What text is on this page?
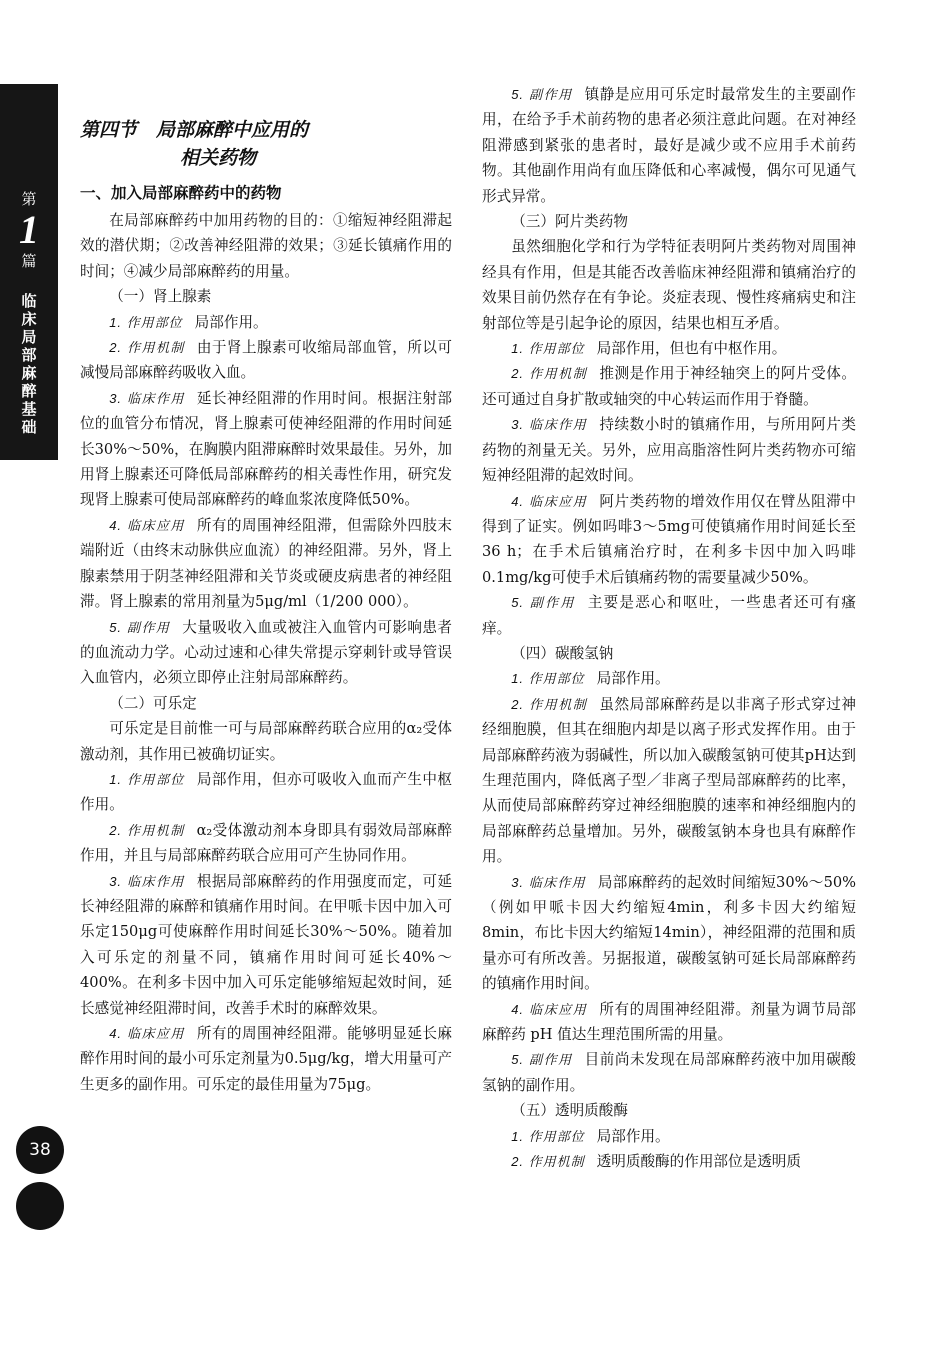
第
1
篇
临
床
局
部
麻
醉
基
础
38
第四节　局部麻醉中应用的
相关药物

一、加入局部麻醉药中的药物

在局部麻醉药中加用药物的目的：①缩短神经阻滞起效的潜伏期；②改善神经阻滞的效果；③延长镇痛作用的时间；④减少局部麻醉药的用量。

（一）肾上腺素

1. 作用部位 局部作用。

2. 作用机制 由于肾上腺素可收缩局部血管，所以可减慢局部麻醉药吸收入血。

3. 临床作用 延长神经阻滞的作用时间。根据注射部位的血管分布情况，肾上腺素可使神经阻滞的作用时间延长30%～50%，在胸膜内阻滞麻醉时效果最佳。另外，加用肾上腺素还可降低局部麻醉药的相关毒性作用，研究发现肾上腺素可使局部麻醉药的峰血浆浓度降低50%。

4. 临床应用 所有的周围神经阻滞，但需除外四肢末端附近（由终末动脉供应血流）的神经阻滞。另外，肾上腺素禁用于阴茎神经阻滞和关节炎或硬皮病患者的神经阻滞。肾上腺素的常用剂量为5μg/ml（1/200 000）。

5. 副作用 大量吸收入血或被注入血管内可影响患者的血流动力学。心动过速和心律失常提示穿刺针或导管误入血管内，必须立即停止注射局部麻醉药。

（二）可乐定

可乐定是目前惟一可与局部麻醉药联合应用的α₂受体激动剂，其作用已被确切证实。

1. 作用部位 局部作用，但亦可吸收入血而产生中枢作用。

2. 作用机制 α₂受体激动剂本身即具有弱效局部麻醉作用，并且与局部麻醉药联合应用可产生协同作用。

3. 临床作用 根据局部麻醉药的作用强度而定，可延长神经阻滞的麻醉和镇痛作用时间。在甲哌卡因中加入可乐定150μg可使麻醉作用时间延长30%～50%。随着加入可乐定的剂量不同，镇痛作用时间可延长40%～400%。在利多卡因中加入可乐定能够缩短起效时间，延长感觉神经阻滞时间，改善手术时的麻醉效果。

4. 临床应用 所有的周围神经阻滞。能够明显延长麻醉作用时间的最小可乐定剂量为0.5μg/kg，增大用量可产生更多的副作用。可乐定的最佳用量为75μg。

5. 副作用 镇静是应用可乐定时最常发生的主要副作用，在给予手术前药物的患者必须注意此问题。在对神经阻滞感到紧张的患者时，最好是减少或不应用手术前药物。其他副作用尚有血压降低和心率减慢，偶尔可见通气形式异常。

（三）阿片类药物

虽然细胞化学和行为学特征表明阿片类药物对周围神经具有作用，但是其能否改善临床神经阻滞和镇痛治疗的效果目前仍然存在有争论。炎症表现、慢性疼痛病史和注射部位等是引起争论的原因，结果也相互矛盾。

1. 作用部位 局部作用，但也有中枢作用。

2. 作用机制 推测是作用于神经轴突上的阿片受体。还可通过自身扩散或轴突的中心转运而作用于脊髓。

3. 临床作用 持续数小时的镇痛作用，与所用阿片类药物的剂量无关。另外，应用高脂溶性阿片类药物亦可缩短神经阻滞的起效时间。

4. 临床应用 阿片类药物的增效作用仅在臂丛阻滞中得到了证实。例如吗啡3～5mg可使镇痛作用时间延长至36 h；在手术后镇痛治疗时，在利多卡因中加入吗啡0.1mg/kg可使手术后镇痛药物的需要量减少50%。

5. 副作用 主要是恶心和呕吐，一些患者还可有瘙痒。

（四）碳酸氢钠

1. 作用部位 局部作用。

2. 作用机制 虽然局部麻醉药是以非离子形式穿过神经细胞膜，但其在细胞内却是以离子形式发挥作用。由于局部麻醉药液为弱碱性，所以加入碳酸氢钠可使其pH达到生理范围内，降低离子型／非离子型局部麻醉药的比率，从而使局部麻醉药穿过神经细胞膜的速率和神经细胞内的局部麻醉药总量增加。另外，碳酸氢钠本身也具有麻醉作用。

3. 临床作用 局部麻醉药的起效时间缩短30%～50%（例如甲哌卡因大约缩短4min，利多卡因大约缩短8min，布比卡因大约缩短14min），神经阻滞的范围和质量亦可有所改善。另据报道，碳酸氢钠可延长局部麻醉药的镇痛作用时间。

4. 临床应用 所有的周围神经阻滞。剂量为调节局部麻醉药 pH 值达生理范围所需的用量。

5. 副作用 目前尚未发现在局部麻醉药液中加用碳酸氢钠的副作用。

（五）透明质酸酶

1. 作用部位 局部作用。

2. 作用机制 透明质酸酶的作用部位是透明质
